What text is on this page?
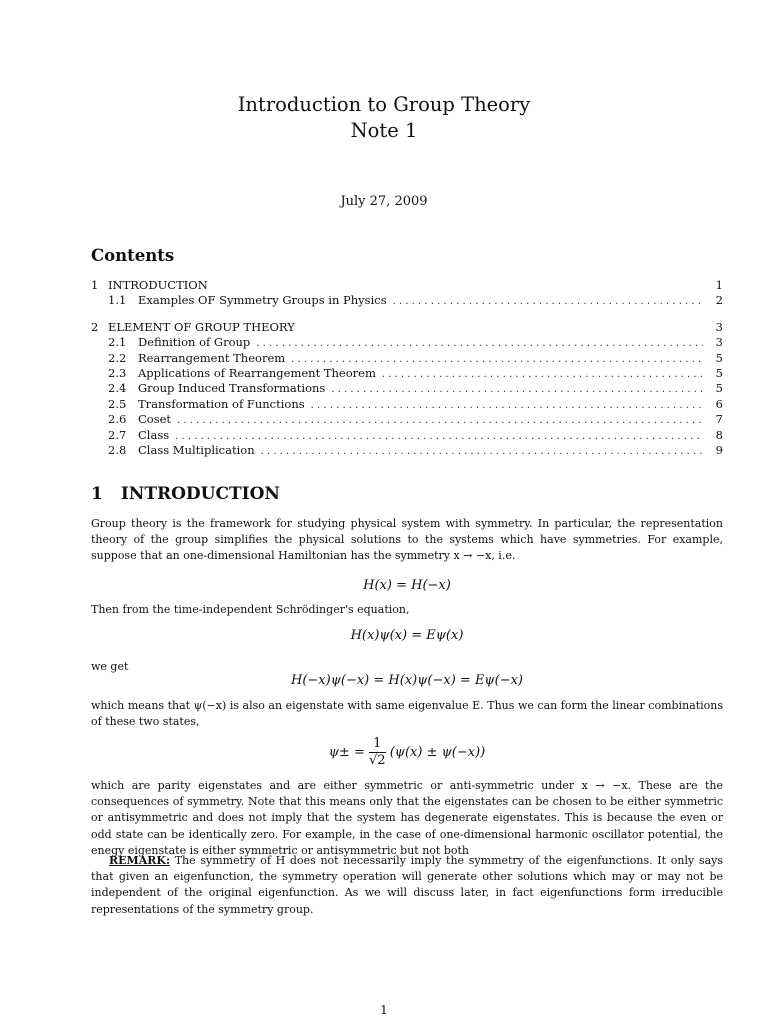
Introduction to Group Theory
Note 1
July 27, 2009
Contents
1 INTRODUCTION	1
1.1	Examples OF Symmetry Groups in Physics . . .	2
2 ELEMENT OF GROUP THEORY	3
2.1	Definition of Group . . .	3
2.2	Rearrangement Theorem . . .	5
2.3	Applications of Rearrangement Theorem . . .	5
2.4	Group Induced Transformations . . .	5
2.5	Transformation of Functions . . .	6
2.6	Coset . . .	7
2.7	Class . . .	8
2.8	Class Multiplication . . .	9
1 INTRODUCTION
Group theory is the framework for studying physical system with symmetry. In particular, the representation theory of the group simplifies the physical solutions to the systems which have symmetries. For example, suppose that an one-dimensional Hamiltonian has the symmetry x → −x, i.e.
H(x) = H(−x)
Then from the time-independent Schrödinger's equation,
H(x)ψ(x) = Eψ(x)
we get
H(−x)ψ(−x) = H(x)ψ(−x) = Eψ(−x)
which means that ψ(−x) is also an eigenstate with same eigenvalue E. Thus we can form the linear combinations of these two states,
$\psi\pm = \frac{1}{√2} (\psi(x) \pm \psi(-x))$
which are parity eigenstates and are either symmetric or anti-symmetric under x → −x. These are the consequences of symmetry. Note that this means only that the eigenstates can be chosen to be either symmetric or antisymmetric and does not imply that the system has degenerate eigenstates. This is because the even or odd state can be identically zero. For example, in the case of one-dimensional harmonic oscillator potential, the enegy eigenstate is either symmetric or antisymmetric but not both
REMARK: The symmetry of H does not necessarily imply the symmetry of the eigenfunctions. It only says that given an eigenfunction, the symmetry operation will generate other solutions which may or may not be independent of the original eigenfunction. As we will discuss later, in fact eigenfunctions form irreducible representations of the symmetry group.
1
